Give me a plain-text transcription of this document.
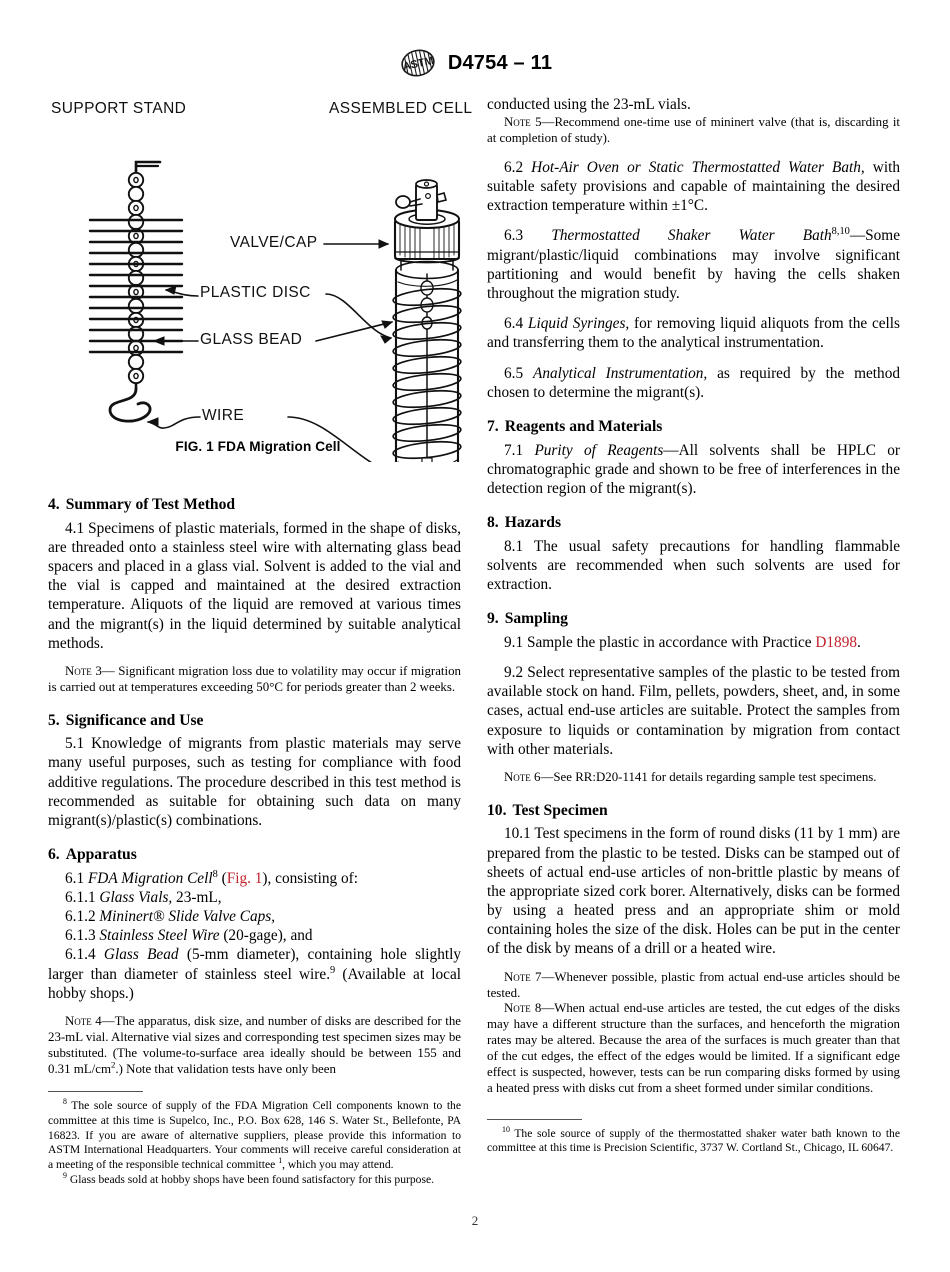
ASTM D4754 – 11
SUPPORT STAND	ASSEMBLED CELL
VALVE/CAP
PLASTIC DISC
GLASS BEAD
WIRE
FIG. 1 FDA Migration Cell
4. Summary of Test Method

4.1 Specimens of plastic materials, formed in the shape of disks, are threaded onto a stainless steel wire with alternating glass bead spacers and placed in a glass vial. Solvent is added to the vial and the vial is capped and maintained at the desired extraction temperature. Aliquots of the liquid are removed at various times and the migrant(s) in the liquid determined by suitable analytical methods.

Note 3— Significant migration loss due to volatility may occur if migration is carried out at temperatures exceeding 50°C for periods greater than 2 weeks.

5. Significance and Use

5.1 Knowledge of migrants from plastic materials may serve many useful purposes, such as testing for compliance with food additive regulations. The procedure described in this test method is recommended as suitable for obtaining such data on many migrant(s)/plastic(s) combinations.

6. Apparatus

6.1 FDA Migration Cell$^8$ (Fig. 1), consisting of:

6.1.1 Glass Vials, 23-mL,

6.1.2 Mininert® Slide Valve Caps,

6.1.3 Stainless Steel Wire (20-gage), and

6.1.4 Glass Bead (5-mm diameter), containing hole slightly larger than diameter of stainless steel wire.$^9$ (Available at local hobby shops.)

Note 4—The apparatus, disk size, and number of disks are described for the 23-mL vial. Alternative vial sizes and corresponding test specimen sizes may be substituted. (The volume-to-surface area ideally should be between 155 and 0.31 $mL/cm^2$.) Note that validation tests have only been

$^8$ The sole source of supply of the FDA Migration Cell components known to the committee at this time is Supelco, Inc., P.O. Box 628, 146 S. Water St., Bellefonte, PA 16823. If you are aware of alternative suppliers, please provide this information to ASTM International Headquarters. Your comments will receive careful consideration at a meeting of the responsible technical committee $^1$, which you may attend.

$^9$ Glass beads sold at hobby shops have been found satisfactory for this purpose.

conducted using the 23-mL vials.

Note 5—Recommend one-time use of mininert valve (that is, discarding it at completion of study).

6.2 Hot-Air Oven or Static Thermostatted Water Bath, with suitable safety provisions and capable of maintaining the desired extraction temperature within ±1°C.

6.3 Thermostatted Shaker Water Bath$^{8,10}$—Some migrant/plastic/liquid combinations may involve significant partitioning and would benefit by having the cells shaken throughout the migration study.

6.4 Liquid Syringes, for removing liquid aliquots from the cells and transferring them to the analytical instrumentation.

6.5 Analytical Instrumentation, as required by the method chosen to determine the migrant(s).

7. Reagents and Materials

7.1 Purity of Reagents—All solvents shall be HPLC or chromatographic grade and shown to be free of interferences in the detection region of the migrant(s).

8. Hazards

8.1 The usual safety precautions for handling flammable solvents are recommended when such solvents are used for extraction.

9. Sampling

9.1 Sample the plastic in accordance with Practice D1898.

9.2 Select representative samples of the plastic to be tested from available stock on hand. Film, pellets, powders, sheet, and, in some cases, actual end-use articles are suitable. Protect the samples from exposure to liquids or contamination by migration from contact with other materials.

Note 6—See RR:D20-1141 for details regarding sample test specimens.

10. Test Specimen

10.1 Test specimens in the form of round disks (11 by 1 mm) are prepared from the plastic to be tested. Disks can be stamped out of sheets of actual end-use articles of non-brittle plastic by means of the appropriate sized cork borer. Alternatively, disks can be formed by using a heated press and an appropriate shim or mold containing holes the size of the disk. Holes can be put in the center of the disk by means of a drill or a heated wire.

Note 7—Whenever possible, plastic from actual end-use articles should be tested.

Note 8—When actual end-use articles are tested, the cut edges of the disks may have a different structure than the surfaces, and henceforth the migration rates may be altered. Because the area of the surfaces is much greater than that of the cut edges, the effect of the edges would be limited. If a significant edge effect is suspected, however, tests can be run comparing disks formed by using a heated press with disks cut from a sheet formed under similar conditions.

$^{10}$ The sole source of supply of the thermostatted shaker water bath known to the committee at this time is Precision Scientific, 3737 W. Cortland St., Chicago, IL 60647.

2
